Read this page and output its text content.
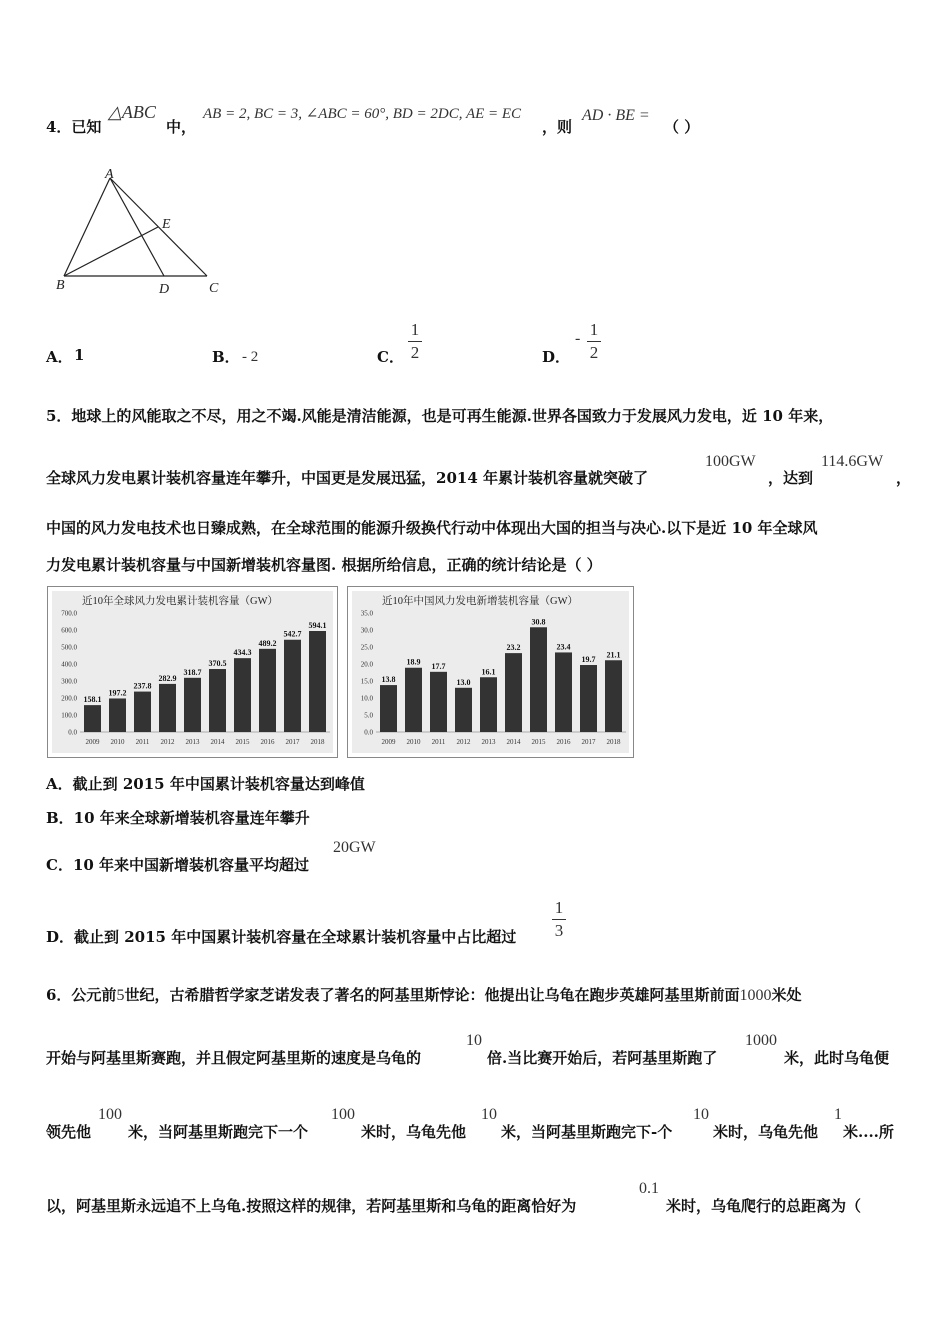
4．已知
△ABC
中，
AB = 2, BC = 3, ∠ABC = 60°, BD = 2DC, AE = EC
，则
AD · BE =
（ ）
A
B	C
D
E
A． 1	B． - 2	C．
1
2	D．
- 1
2
5．地球上的风能取之不尽，用之不竭.风能是清洁能源，也是可再生能源.世界各国致力于发展风力发电，近 10 年来，
全球风力发电累计装机容量连年攀升，中国更是发展迅猛，2014 年累计装机容量就突破了
100GW
，达到
114.6GW
，
中国的风力发电技术也日臻成熟，在全球范围的能源升级换代行动中体现出大国的担当与决心.以下是近 10 年全球风
力发电累计装机容量与中国新增装机容量图. 根据所给信息，正确的统计结论是（ ）
近10年全球风力发电累计装机容量（GW）
0.0
100.0
200.0
300.0
400.0
500.0
600.0
700.0
158.1
2009
197.2
2010
237.8
2011
282.9
2012
318.7
2013
370.5
2014
434.3
2015
489.2
2016
542.7
2017
594.1
2018
近10年中国风力发电新增装机容量（GW）
0.0
5.0
10.0
15.0
20.0
25.0
30.0
35.0
13.8
2009
18.9
2010
17.7
2011
13.0
2012
16.1
2013
23.2
2014
30.8
2015
23.4
2016
19.7
2017
21.1
2018
A．截止到 2015 年中国累计装机容量达到峰值
B．10 年来全球新增装机容量连年攀升
C．10 年来中国新增装机容量平均超过
20GW
D．截止到 2015 年中国累计装机容量在全球累计装机容量中占比超过
1
3
6．公元前5世纪，古希腊哲学家芝诺发表了著名的阿基里斯悖论：他提出让乌龟在跑步英雄阿基里斯前面1000米处
开始与阿基里斯赛跑，并且假定阿基里斯的速度是乌龟的
10
倍.当比赛开始后，若阿基里斯跑了
1000
米，此时乌龟便
领先他
100
米，当阿基里斯跑完下一个
100
米时，乌龟先他
10
米，当阿基里斯跑完下-个
10
米时，乌龟先他
1
米....所
以，阿基里斯永远追不上乌龟.按照这样的规律，若阿基里斯和乌龟的距离恰好为
0.1
米时，乌龟爬行的总距离为（
